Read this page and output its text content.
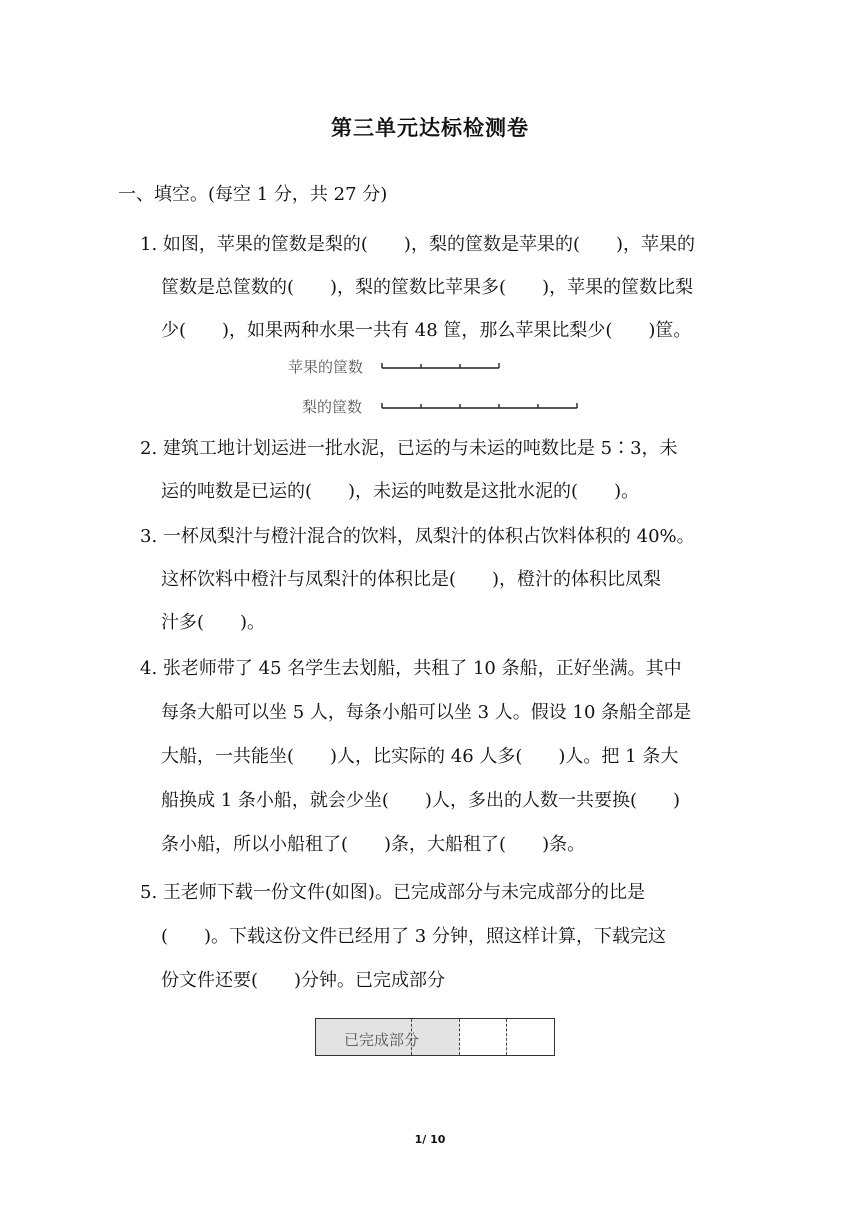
第三单元达标检测卷
一、填空。(每空 1 分，共 27 分)
1. 如图，苹果的筐数是梨的(　　)，梨的筐数是苹果的(　　)，苹果的
筐数是总筐数的(　　)，梨的筐数比苹果多(　　)，苹果的筐数比梨
少(　　)，如果两种水果一共有 48 筐，那么苹果比梨少(　　)筐。
苹果的筐数
梨的筐数
2. 建筑工地计划运进一批水泥，已运的与未运的吨数比是 5∶3，未
运的吨数是已运的(　　)，未运的吨数是这批水泥的(　　)。
3. 一杯凤梨汁与橙汁混合的饮料，凤梨汁的体积占饮料体积的 40%。
这杯饮料中橙汁与凤梨汁的体积比是(　　)，橙汁的体积比凤梨
汁多(　　)。
4. 张老师带了 45 名学生去划船，共租了 10 条船，正好坐满。其中
每条大船可以坐 5 人，每条小船可以坐 3 人。假设 10 条船全部是
大船，一共能坐(　　)人，比实际的 46 人多(　　)人。把 1 条大
船换成 1 条小船，就会少坐(　　)人，多出的人数一共要换(　　)
条小船，所以小船租了(　　)条，大船租了(　　)条。
5. 王老师下载一份文件(如图)。已完成部分与未完成部分的比是
(　　)。下载这份文件已经用了 3 分钟，照这样计算，下载完这
份文件还要(　　)分钟。已完成部分
已完成部分
1/ 10
